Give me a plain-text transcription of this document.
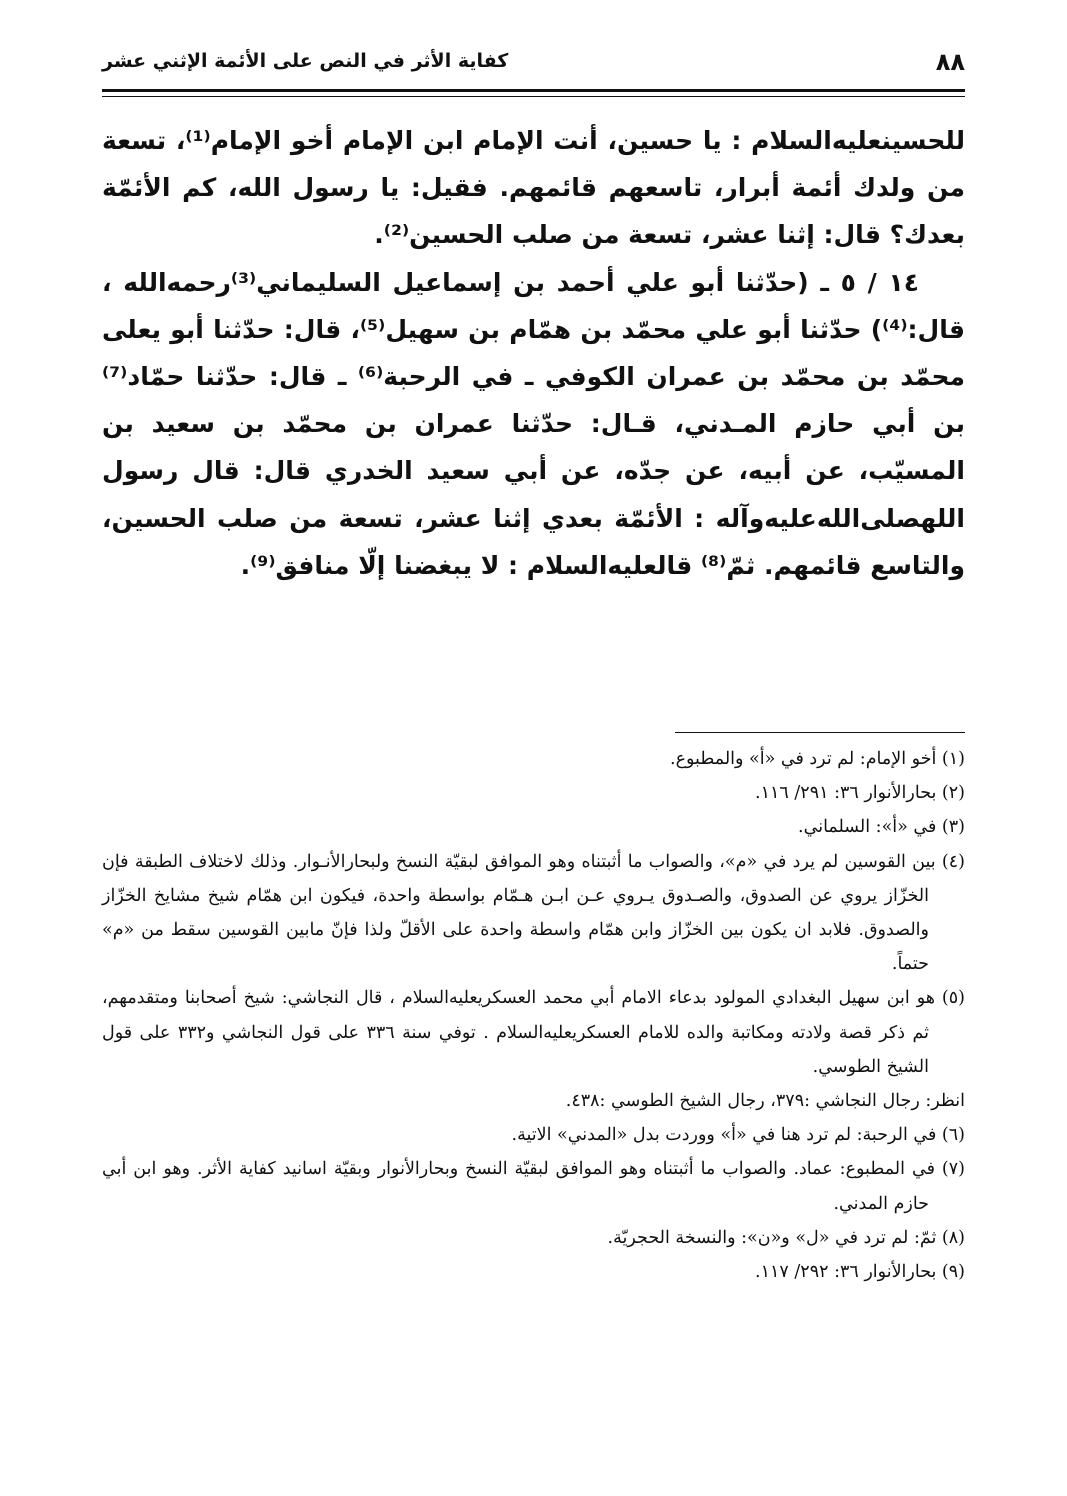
٨٨
كفاية الأثر في النص على الأئمة الإثني عشر

للحسينعليه‌السلام : يا حسين، أنت الإمام ابن الإمام أخو الإمام⁽¹⁾، تسعة من ولدك أئمة أبرار، تاسعهم قائمهم. فقيل: يا رسول الله، كم الأئمّة بعدك؟ قال: إثنا عشر، تسعة من صلب الحسين⁽²⁾.

١٤ / ٥ ـ (حدّثنا أبو علي أحمد بن إسماعيل السليماني⁽³⁾رحمه‌الله ، قال:⁽⁴⁾) حدّثنا أبو علي محمّد بن همّام بن سهيل⁽⁵⁾، قال: حدّثنا أبو يعلى محمّد بن محمّد بن عمران الكوفي ـ في الرحبة⁽⁶⁾ ـ قال: حدّثنا حمّاد⁽⁷⁾ بن أبي حازم المـدني، قـال: حدّثنا عمران بن محمّد بن سعيد بن المسيّب، عن أبيه، عن جدّه، عن أبي سعيد الخدري قال: قال رسول اللهصلى‌الله‌عليه‌وآله : الأئمّة بعدي إثنا عشر، تسعة من صلب الحسين، والتاسع قائمهم. ثمّ⁽⁸⁾ قالعليه‌السلام : لا يبغضنا إلّا منافق⁽⁹⁾.

(١) أخو الإمام: لم ترد في «أ» والمطبوع.

(٢) بحارالأنوار ٣٦: ٢٩١/ ١١٦.

(٣) في «أ»: السلماني.

(٤) بين القوسين لم يرد في «م»، والصواب ما أثبتناه وهو الموافق لبقيّة النسخ ولبحارالأنـوار. وذلك لاختلاف الطبقة فإن الخزّاز يروي عن الصدوق، والصـدوق يـروي عـن ابـن هـمّام بواسطة واحدة، فيكون ابن همّام شيخ مشايخ الخزّاز والصدوق. فلابد ان يكون بين الخزّاز وابن همّام واسطة واحدة على الأقلّ ولذا فإنّ مابين القوسين سقط من «م» حتماً.

(٥) هو ابن سهيل البغدادي المولود بدعاء الامام أبي محمد العسكريعليه‌السلام ، قال النجاشي: شيخ أصحابنا ومتقدمهم، ثم ذكر قصة ولادته ومكاتبة والده للامام العسكريعليه‌السلام . توفي سنة ٣٣٦ على قول النجاشي و٣٣٢ على قول الشيخ الطوسي.

انظر: رجال النجاشي :٣٧٩، رجال الشيخ الطوسي :٤٣٨.

(٦) في الرحبة: لم ترد هنا في «أ» ووردت بدل «المدني» الاتية.

(٧) في المطبوع: عماد. والصواب ما أثبتناه وهو الموافق لبقيّة النسخ وبحارالأنوار وبقيّة اسانيد كفاية الأثر. وهو ابن أبي حازم المدني.

(٨) ثمّ: لم ترد في «ل» و«ن»: والنسخة الحجريّة.

(٩) بحارالأنوار ٣٦: ٢٩٢/ ١١٧.
